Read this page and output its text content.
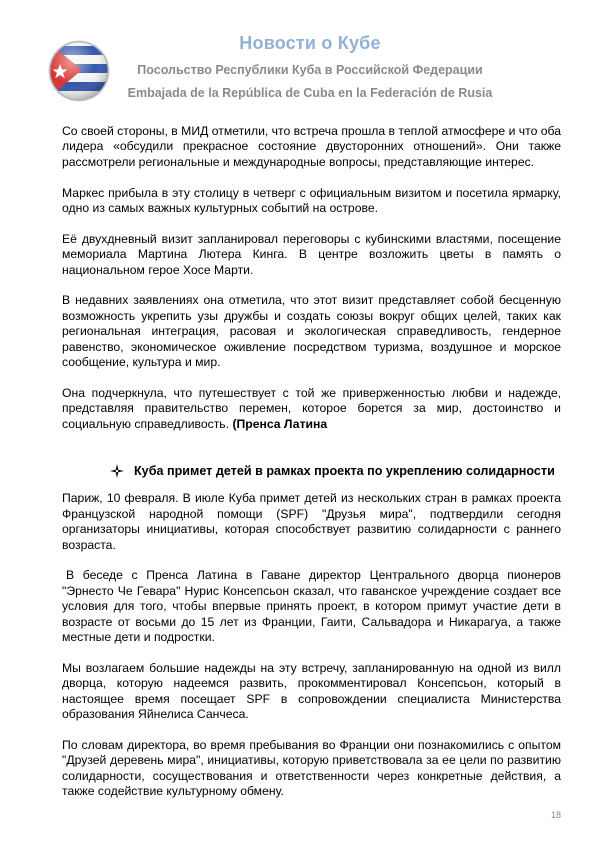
Новости о Кубе
Посольство Республики Куба в Российской Федерации
Embajada de la República de Cuba en la Federación de Rusia

Со своей стороны, в МИД отметили, что встреча прошла в теплой атмосфере и что оба лидера «обсудили прекрасное состояние двусторонних отношений». Они также рассмотрели региональные и международные вопросы, представляющие интерес.

Маркес прибыла в эту столицу в четверг с официальным визитом и посетила ярмарку, одно из самых важных культурных событий на острове.

Её двухдневный визит запланировал переговоры с кубинскими властями, посещение мемориала Мартина Лютера Кинга. В центре возложить цветы в память о национальном герое Хосе Марти.

В недавних заявлениях она отметила, что этот визит представляет собой бесценную возможность укрепить узы дружбы и создать союзы вокруг общих целей, таких как региональная интеграция, расовая и экологическая справедливость, гендерное равенство, экономическое оживление посредством туризма, воздушное и морское сообщение, культура и мир.

Она подчеркнула, что путешествует с той же приверженностью любви и надежде, представляя правительство перемен, которое борется за мир, достоинство и социальную справедливость. (Пренса Латина

Куба примет детей в рамках проекта по укреплению солидарности

Париж, 10 февраля. В июле Куба примет детей из нескольких стран в рамках проекта Французской народной помощи (SPF) "Друзья мира", подтвердили сегодня организаторы инициативы, которая способствует развитию солидарности с раннего возраста.

В беседе с Пренса Латина в Гаване директор Центрального дворца пионеров "Эрнесто Че Гевара" Нурис Консепсьон сказал, что гаванское учреждение создает все условия для того, чтобы впервые принять проект, в котором примут участие дети в возрасте от восьми до 15 лет из Франции, Гаити, Сальвадора и Никарагуа, а также местные дети и подростки.

Мы возлагаем большие надежды на эту встречу, запланированную на одной из вилл дворца, которую надеемся развить, прокомментировал Консепсьон, который в настоящее время посещает SPF в сопровождении специалиста Министерства образования Яйнелиса Санчеса.

По словам директора, во время пребывания во Франции они познакомились с опытом "Друзей деревень мира", инициативы, которую приветствовала за ее цели по развитию солидарности, сосуществования и ответственности через конкретные действия, а также содействие культурному обмену.

18
